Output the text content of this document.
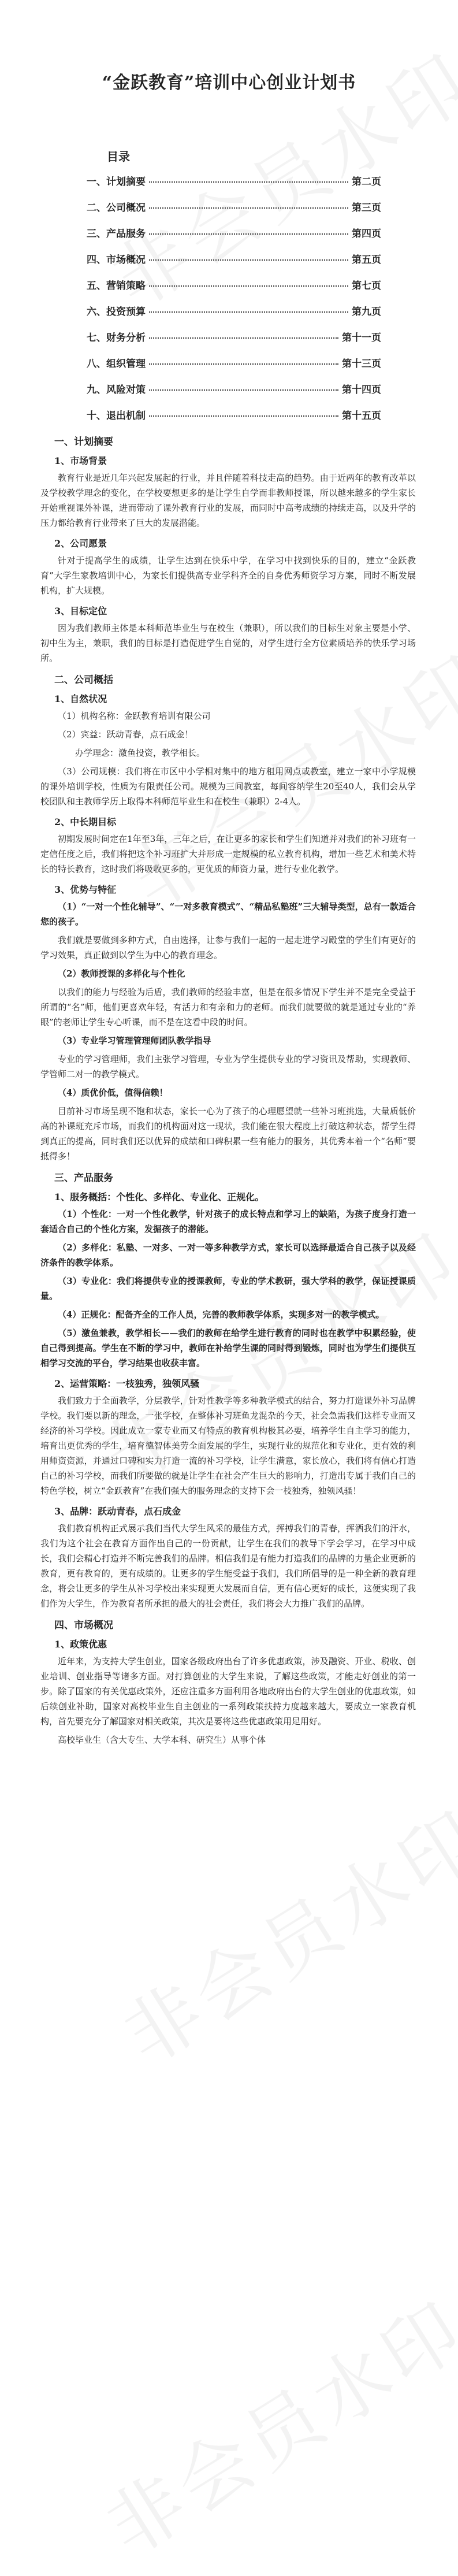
“金跃教育”培训中心创业计划书
目录
一、计划摘要	第二页
二、公司概况	第三页
三、产品服务	第四页
四、市场概况	第五页
五、营销策略	第七页
六、投资预算	第九页
七、财务分析	第十一页
八、组织管理	第十三页
九、风险对策	第十四页
十、退出机制	第十五页
一、计划摘要
1、市场背景

教育行业是近几年兴起发展起的行业，并且伴随着科技走高的趋势。由于近两年的教育改革以及学校教学理念的变化，在学校要想更多的是让学生自学而非教师授课，所以越来越多的学生家长开始重视课外补课，进而带动了课外教育行业的发展，而同时中高考成绩的持续走高，以及升学的压力都给教育行业带来了巨大的发展潜能。

2、公司愿景

针对于提高学生的成绩，让学生达到在快乐中学，在学习中找到快乐的目的，建立“金跃教育”大学生家教培训中心，为家长们提供高专业学科齐全的自身优秀师资学习方案，同时不断发展机构，扩大规模。

3、目标定位

因为我们教师主体是本科师范毕业生与在校生（兼职），所以我们的目标生对象主要是小学、初中生为主，兼职，我们的目标是打造促进学生自觉的，对学生进行全方位素质培养的快乐学习场所。

二、公司概括
1、自然状况
（1）机构名称：金跃教育培训有限公司
（2）宾益：跃动青春，点石成金！
办学理念：激鱼投资，教学相长。

（3）公司规模：我们将在市区中小学相对集中的地方租用网点或教室，建立一家中小学规模的课外培训学校，性质为有限责任公司。规模为三间教室，每间容纳学生20至40人，我们会从学校团队和主教师学历上取得本科师范毕业生和在校生（兼职）2-4人。

2、中长期目标

初期发展时间定在1年至3年，三年之后，在让更多的家长和学生们知道并对我们的补习班有一定信任度之后，我们将把这个补习班扩大并形成一定规模的私立教育机构，增加一些艺术和美术特长的特长教育，这时我们将吸收更多的，更优质的师资力量，进行专业化教学。

3、优势与特征

（1）“一对一个性化辅导”、“一对多教育模式”、“精品私塾班”三大辅导类型，总有一款适合您的孩子。

我们就是要做到多种方式，自由选择，让参与我们一起的一起走进学习殿堂的学生们有更好的学习效果，真正做到以学生为中心的教育理念。

（2）教师授课的多样化与个性化

以我们的能力与经验为后盾，我们教师的经验丰富，但是在很多情况下学生并不是完全受益于所谓的“名”师，他们更喜欢年轻，有活力和有亲和力的老师。而我们就要做的就是通过专业的“养眼”的老师让学生专心听课，而不是在这看中段的时间。

（3）专业学习管理管理师团队教学指导

专业的学习管理师，我们主张学习管理，专业为学生提供专业的学习资讯及帮助，实现教师、学管师二对一的教学模式。

（4）质优价低，值得信赖！

目前补习市场呈现不饱和状态，家长一心为了孩子的心理愿望就一些补习班挑选，大量质低价高的补课班充斥市场，而我们的机构面对这一现状，我们能在很大程度上打破这种状态，帮学生得到真正的提高，同时我们还以优异的成绩和口碑积累一些有能力的服务，其优秀本着一个“名师”要抵得多！

三、产品服务
1、服务概括：个性化、多样化、专业化、正规化。

（1）个性化：一对一个性化教学，针对孩子的成长特点和学习上的缺陷，为孩子度身打造一套适合自己的个性化方案，发掘孩子的潜能。

（2）多样化：私塾、一对多、一对一等多种教学方式，家长可以选择最适合自己孩子以及经济条件的教学体系。

（3）专业化：我们将提供专业的授课教师，专业的学术教研，强大学科的教学，保证授课质量。

（4）正规化：配备齐全的工作人员，完善的教师教学体系，实现多对一的教学模式。

（5）激鱼兼教，教学相长——我们的教师在给学生进行教育的同时也在教学中积累经验，使自己得到提高。学生在不断的学习中，教师在补给学生课的同时得到锻炼，同时也为学生们提供互相学习交流的平台，学习结果也收获丰富。

2、运营策略：一枝独秀，独领风骚

我们致力于全面教学，分层教学，针对性教学等多种教学模式的结合，努力打造课外补习品牌学校。我们要以新的理念，一张学校，在整体补习班鱼龙混杂的今天，社会急需我们这样专业而又经济的补习学校。因此成立一家专业而又有特点的教育机构极其必要，培养学生自主学习的能力，培育出更优秀的学生，培育德智体美劳全面发展的学生，实现行业的规范化和专业化，更有效的利用师资资源，并通过口碑和实力打造一流的补习学校，让学生满意，家长放心，我们将有信心打造自己的补习学校，而我们所要做的就是让学生在社会产生巨大的影响力，打造出专属于我们自己的特色学校，树立“金跃教育”在我们强大的服务理念的支持下会一枝独秀，独领风骚！

3、品牌：跃动青春，点石成金

我们教育机构正式展示我们当代大学生风采的最佳方式，挥搏我们的青春，挥洒我们的汗水，我们为这个社会在教育方面作出自己的一份贡献，让学生在我们的教导下学会学习，在学习中成长，我们会精心打造并不断完善我们的品牌。相信我们是有能力打造我们的品牌的力量企业更新的教育，更有教育的，更有成绩的。让更多的学生能受益于我们，我们所倡导的是一种全新的教育理念，将会让更多的学生从补习学校出来实现更大发展而自信，更有信心更好的成长，这便实现了我们作为大学生，作为教育者所承担的最大的社会责任，我们将会大力推广我们的品牌。

四、市场概况
1、政策优惠

近年来，为支持大学生创业，国家各级政府出台了许多优惠政策，涉及融资、开业、税收、创业培训、创业指导等诸多方面。对打算创业的大学生来说，了解这些政策，才能走好创业的第一步。除了国家的有关优惠政策外，还应注重多方面利用各地政府出台的大学生创业的优惠政策，如后续创业补助，国家对高校毕业生自主创业的一系列政策扶持力度越来越大，要成立一家教育机构，首先要充分了解国家对相关政策，其次是要将这些优惠政策用足用好。

高校毕业生（含大专生、大学本科、研究生）从事个体
